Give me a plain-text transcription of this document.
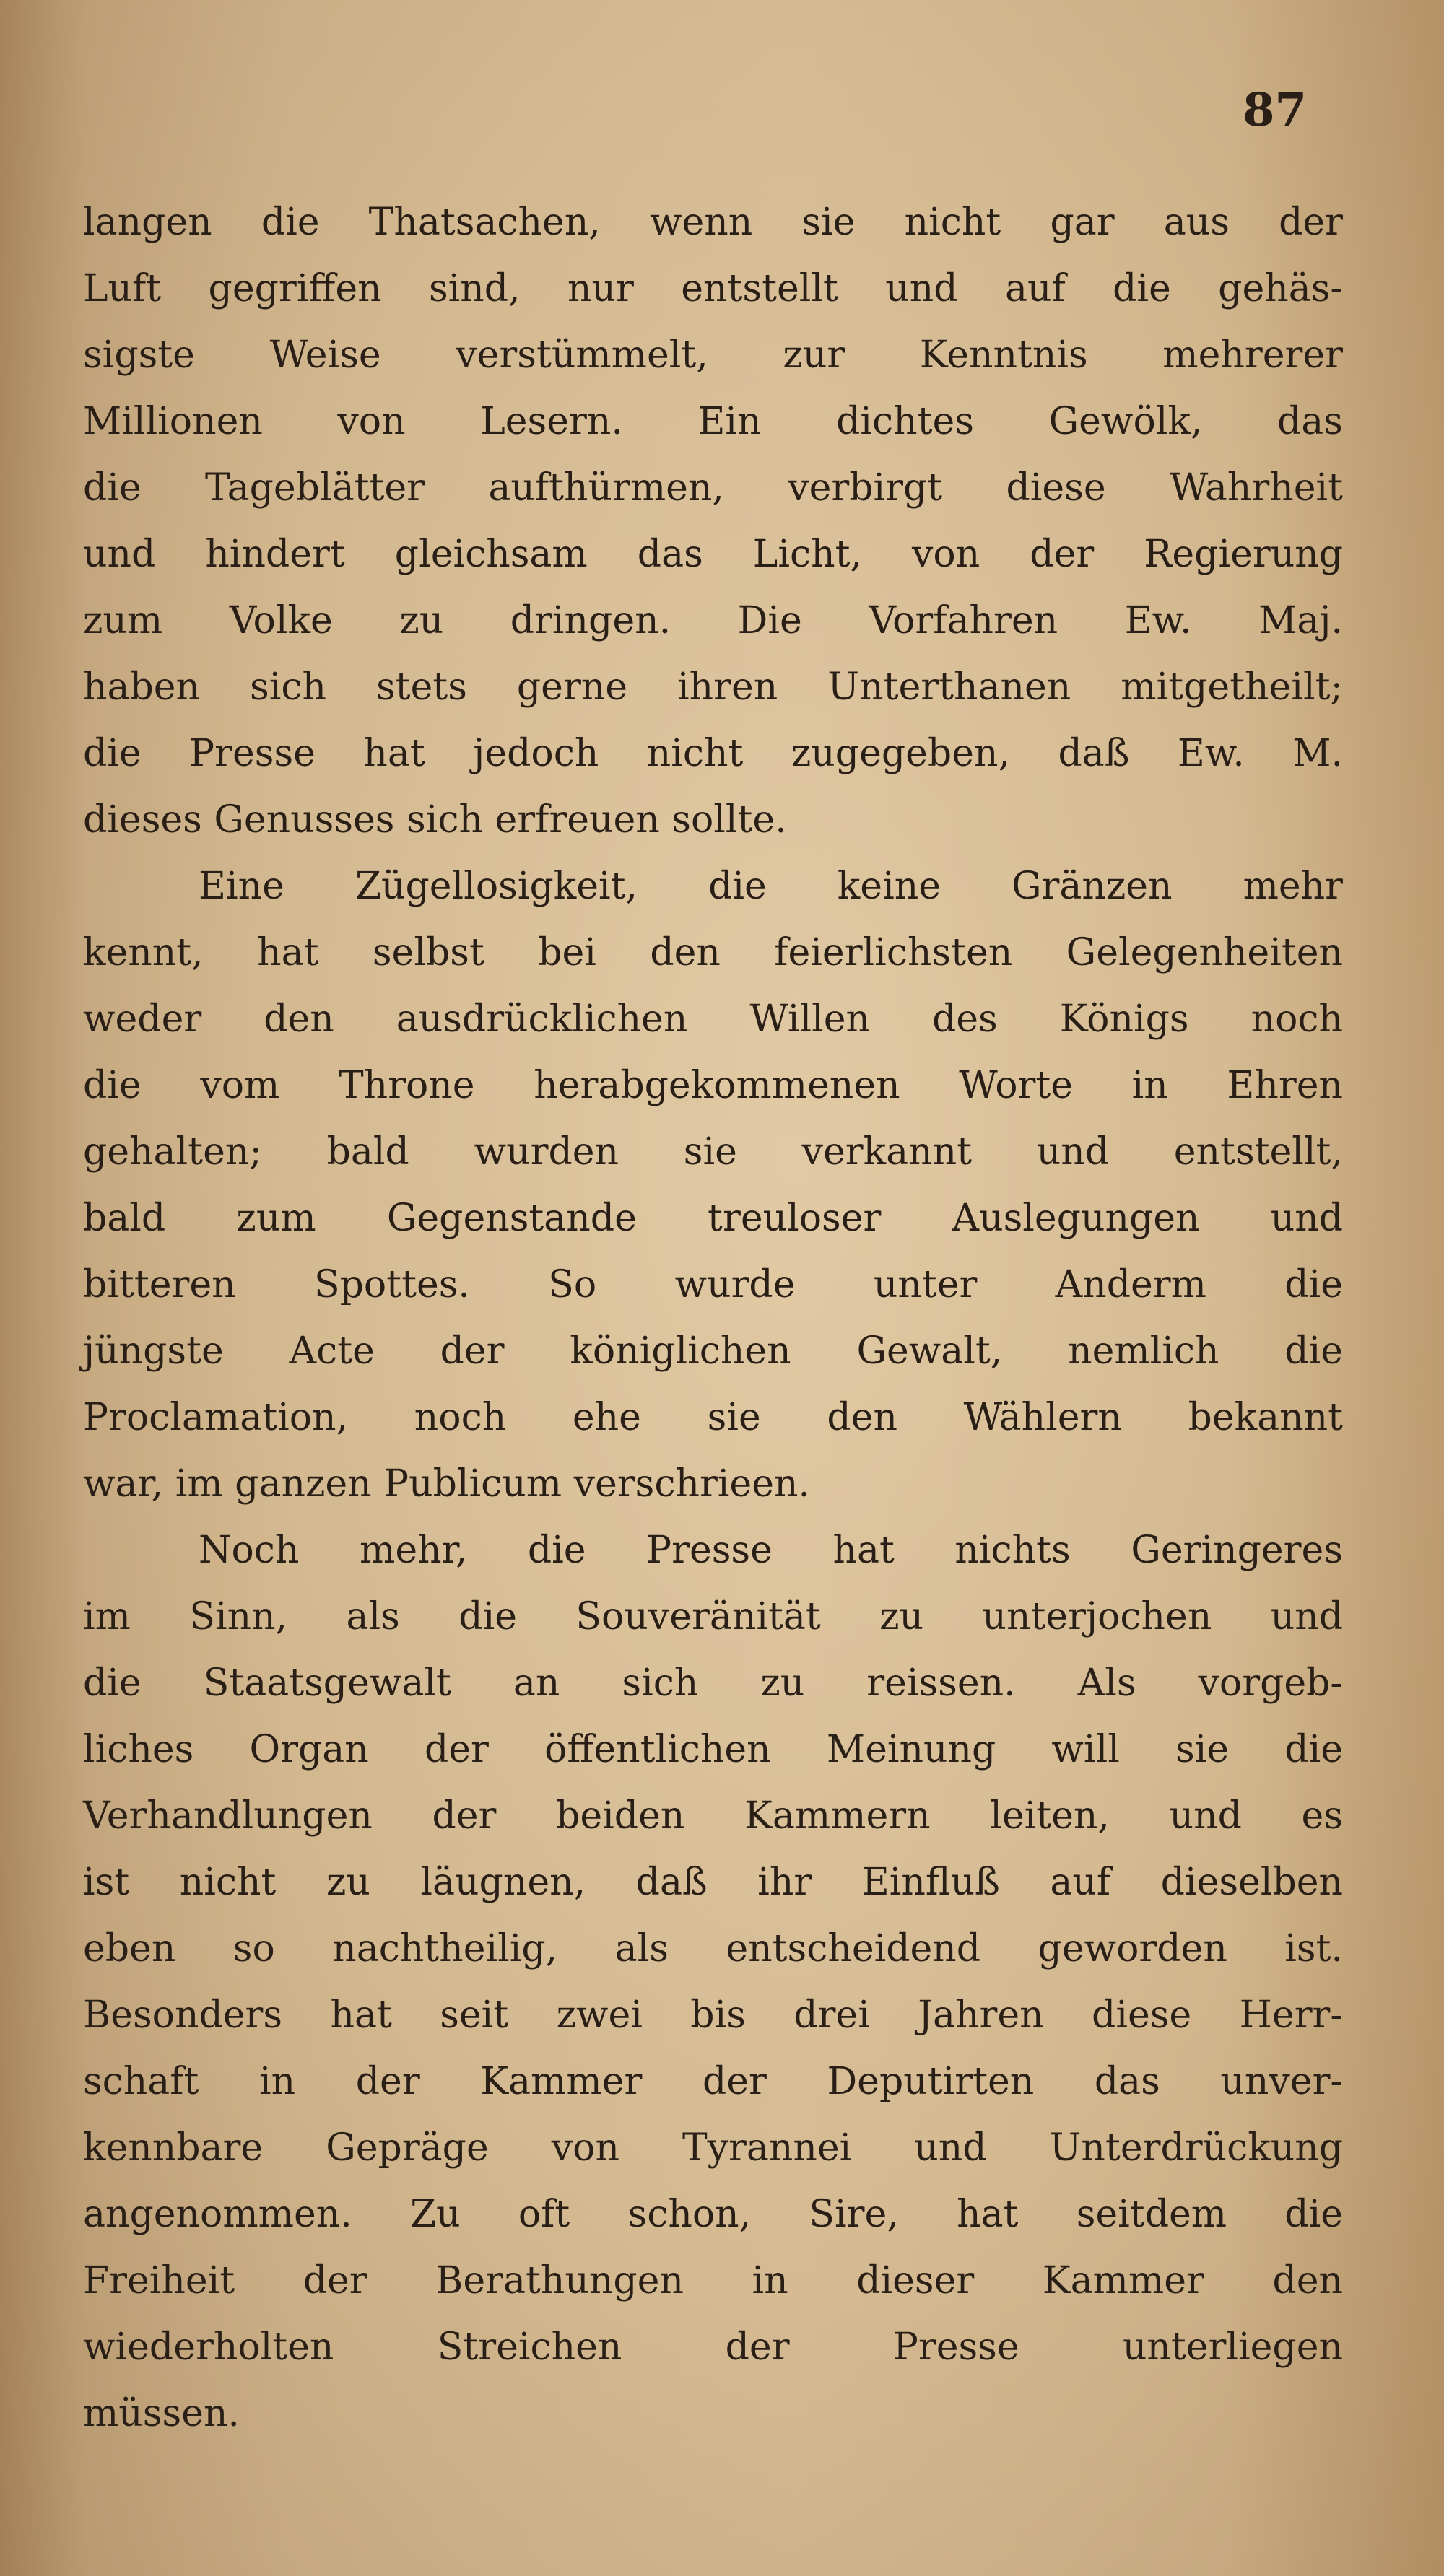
87
langen die Thatsachen, wenn sie nicht gar aus der
Luft gegriffen sind, nur entstellt und auf die gehäs-
sigste Weise verstümmelt, zur Kenntnis mehrerer
Millionen von Lesern. Ein dichtes Gewölk, das
die Tageblätter aufthürmen, verbirgt diese Wahrheit
und hindert gleichsam das Licht, von der Regierung
zum Volke zu dringen. Die Vorfahren Ew. Maj.
haben sich stets gerne ihren Unterthanen mitgetheilt;
die Presse hat jedoch nicht zugegeben, daß Ew. M.
dieses Genusses sich erfreuen sollte.
Eine Zügellosigkeit, die keine Gränzen mehr
kennt, hat selbst bei den feierlichsten Gelegenheiten
weder den ausdrücklichen Willen des Königs noch
die vom Throne herabgekommenen Worte in Ehren
gehalten; bald wurden sie verkannt und entstellt,
bald zum Gegenstande treuloser Auslegungen und
bitteren Spottes. So wurde unter Anderm die
jüngste Acte der königlichen Gewalt, nemlich die
Proclamation, noch ehe sie den Wählern bekannt
war, im ganzen Publicum verschrieen.
Noch mehr, die Presse hat nichts Geringeres
im Sinn, als die Souveränität zu unterjochen und
die Staatsgewalt an sich zu reissen. Als vorgeb-
liches Organ der öffentlichen Meinung will sie die
Verhandlungen der beiden Kammern leiten, und es
ist nicht zu läugnen, daß ihr Einfluß auf dieselben
eben so nachtheilig, als entscheidend geworden ist.
Besonders hat seit zwei bis drei Jahren diese Herr-
schaft in der Kammer der Deputirten das unver-
kennbare Gepräge von Tyrannei und Unterdrückung
angenommen. Zu oft schon, Sire, hat seitdem die
Freiheit der Berathungen in dieser Kammer den
wiederholten Streichen der Presse unterliegen
müssen.
